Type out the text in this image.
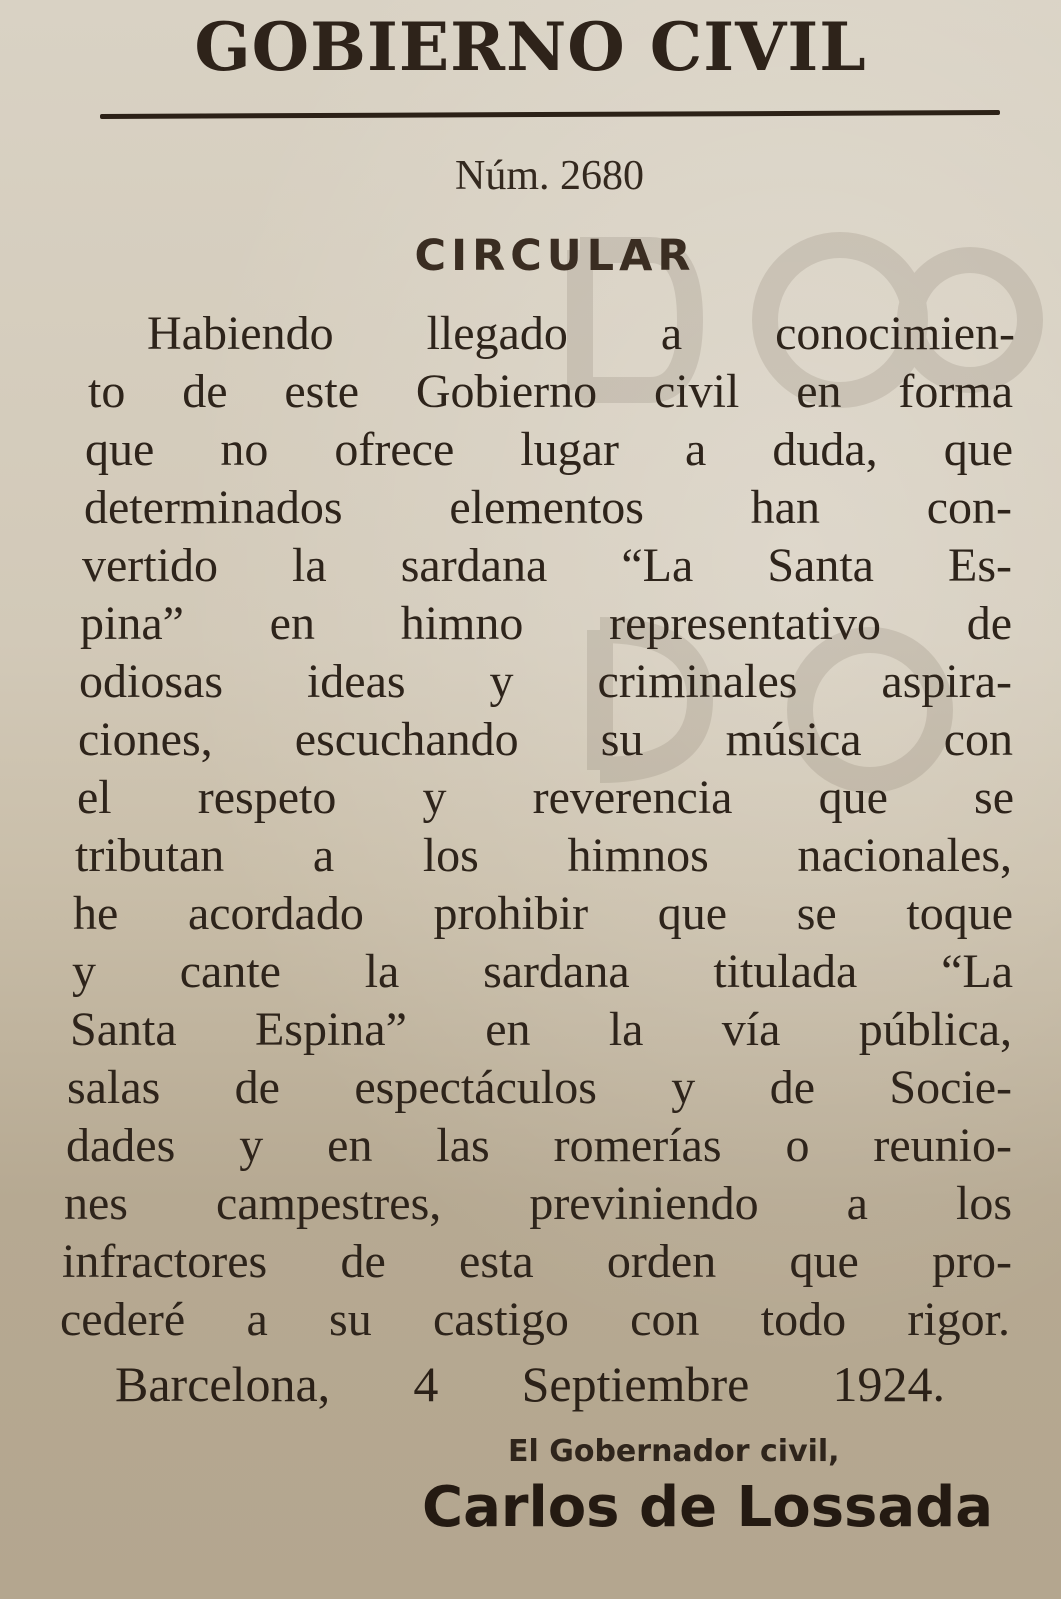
GOBIERNO CIVIL
Núm. 2680
CIRCULAR
Habiendo llegado a conocimien-
to de este Gobierno civil en forma
que no ofrece lugar a duda, que
determinados elementos han con-
vertido la sardana “La Santa Es-
pina” en himno representativo de
odiosas ideas y criminales aspira-
ciones, escuchando su música con
el respeto y reverencia que se
tributan a los himnos nacionales,
he acordado prohibir que se toque
y cante la sardana titulada “La
Santa Espina” en la vía pública,
salas de espectáculos y de Socie-
dades y en las romerías o reunio-
nes campestres, previniendo a los
infractores de esta orden que pro-
cederé a su castigo con todo rigor.
Barcelona, 4 Septiembre 1924.
El Gobernador civil,
Carlos de Lossada
